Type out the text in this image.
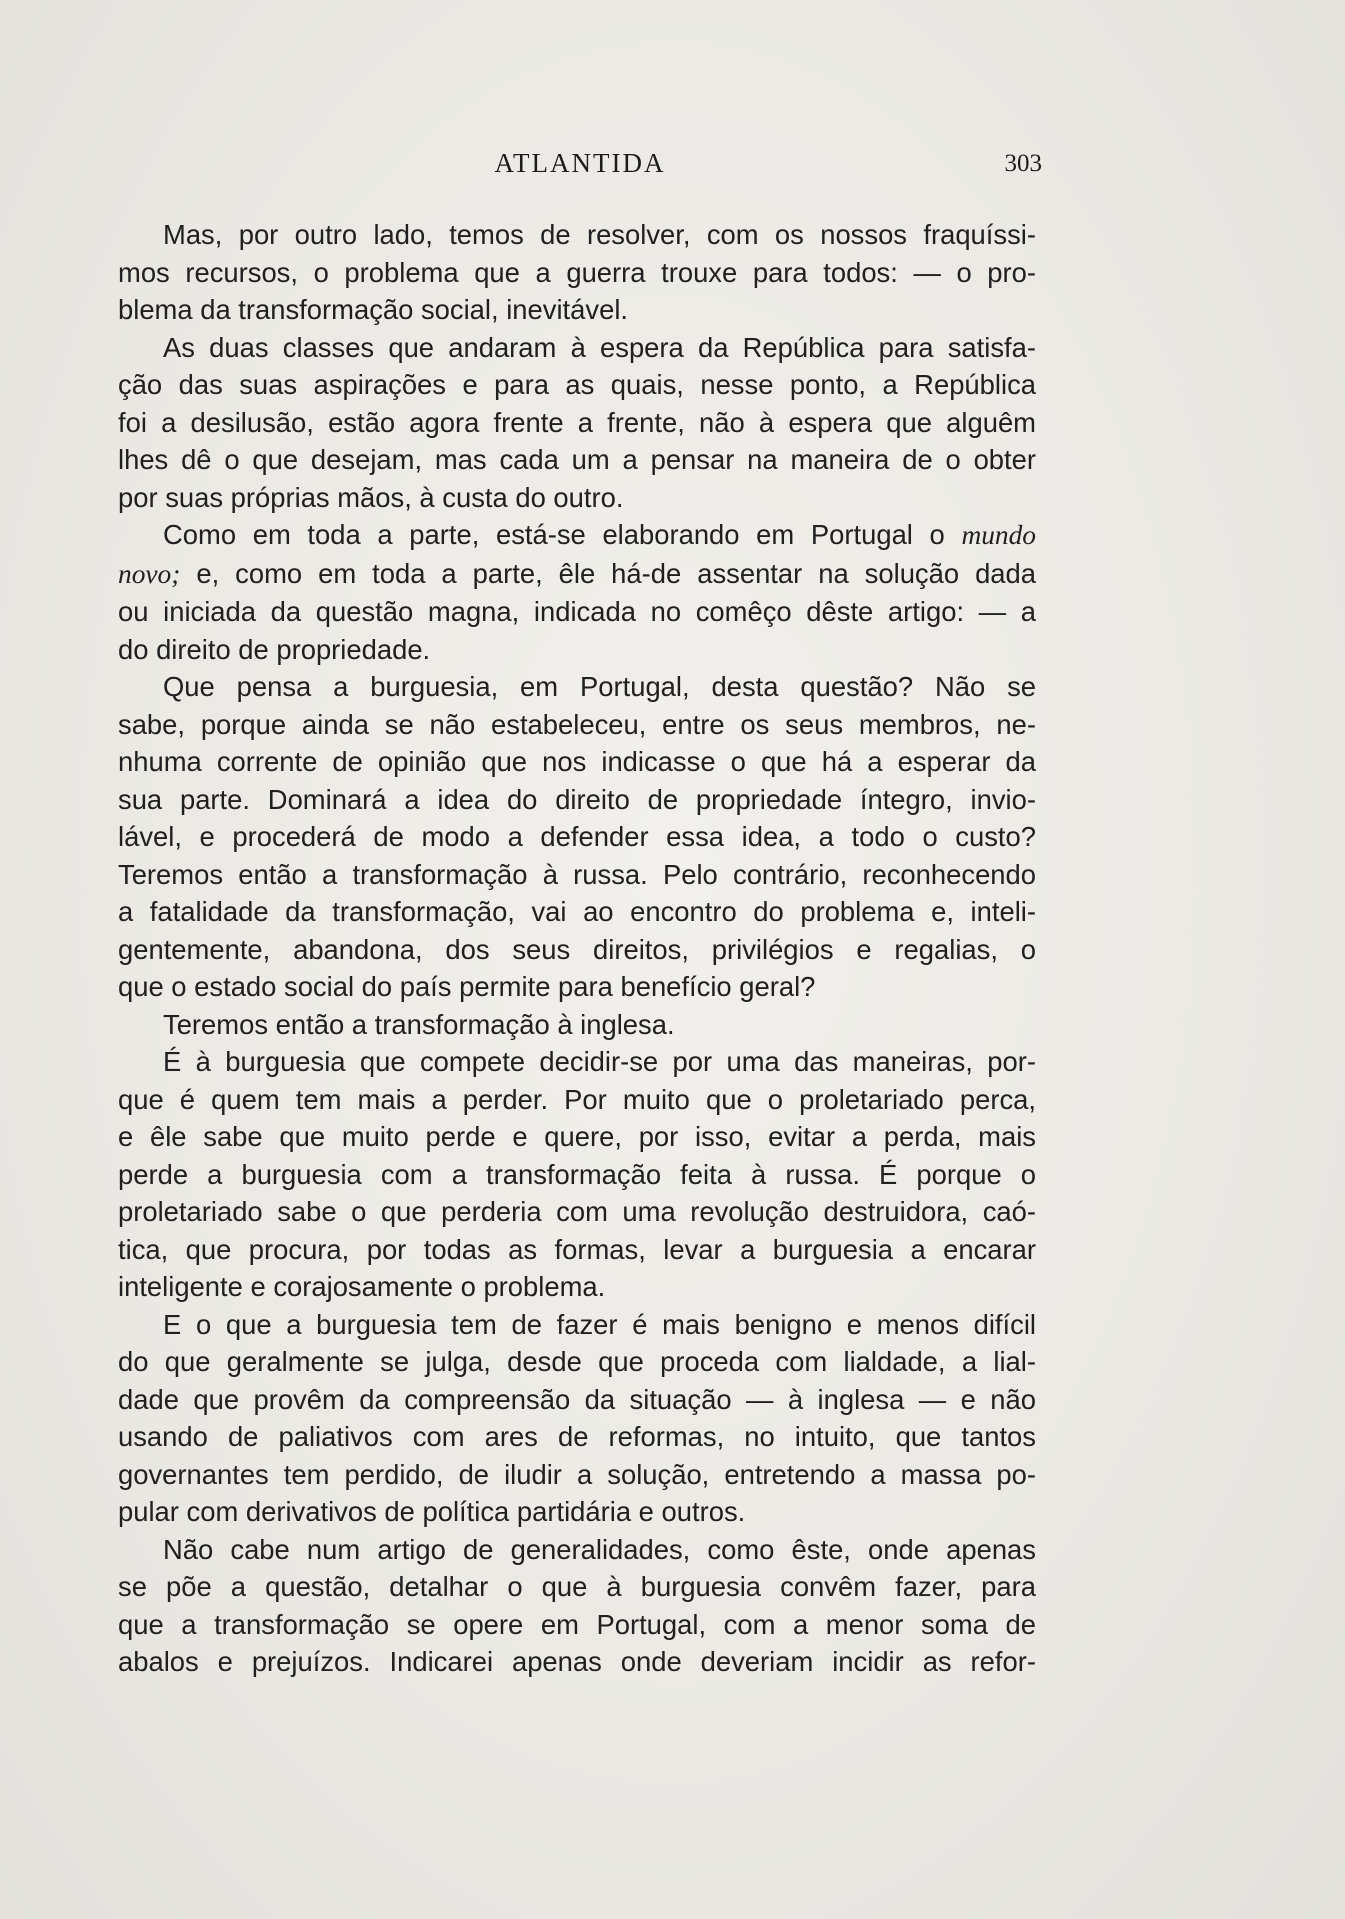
ATLANTIDA	303

Mas, por outro lado, temos de resolver, com os nossos fraquíssi-
mos recursos, o problema que a guerra trouxe para todos: — o pro-
blema da transformação social, inevitável.

As duas classes que andaram à espera da República para satisfa-
ção das suas aspirações e para as quais, nesse ponto, a República
foi a desilusão, estão agora frente a frente, não à espera que alguêm
lhes dê o que desejam, mas cada um a pensar na maneira de o obter
por suas próprias mãos, à custa do outro.

Como em toda a parte, está-se elaborando em Portugal o mundo
novo; e, como em toda a parte, êle há-de assentar na solução dada
ou iniciada da questão magna, indicada no comêço dêste artigo: — a
do direito de propriedade.

Que pensa a burguesia, em Portugal, desta questão? Não se
sabe, porque ainda se não estabeleceu, entre os seus membros, ne-
nhuma corrente de opinião que nos indicasse o que há a esperar da
sua parte. Dominará a idea do direito de propriedade íntegro, invio-
lável, e procederá de modo a defender essa idea, a todo o custo?
Teremos então a transformação à russa. Pelo contrário, reconhecendo
a fatalidade da transformação, vai ao encontro do problema e, inteli-
gentemente, abandona, dos seus direitos, privilégios e regalias, o
que o estado social do país permite para benefício geral?

Teremos então a transformação à inglesa.

É à burguesia que compete decidir-se por uma das maneiras, por-
que é quem tem mais a perder. Por muito que o proletariado perca,
e êle sabe que muito perde e quere, por isso, evitar a perda, mais
perde a burguesia com a transformação feita à russa. É porque o
proletariado sabe o que perderia com uma revolução destruidora, caó-
tica, que procura, por todas as formas, levar a burguesia a encarar
inteligente e corajosamente o problema.

E o que a burguesia tem de fazer é mais benigno e menos difícil
do que geralmente se julga, desde que proceda com lialdade, a lial-
dade que provêm da compreensão da situação — à inglesa — e não
usando de paliativos com ares de reformas, no intuito, que tantos
governantes tem perdido, de iludir a solução, entretendo a massa po-
pular com derivativos de política partidária e outros.

Não cabe num artigo de generalidades, como êste, onde apenas
se põe a questão, detalhar o que à burguesia convêm fazer, para
que a transformação se opere em Portugal, com a menor soma de
abalos e prejuízos. Indicarei apenas onde deveriam incidir as refor-
